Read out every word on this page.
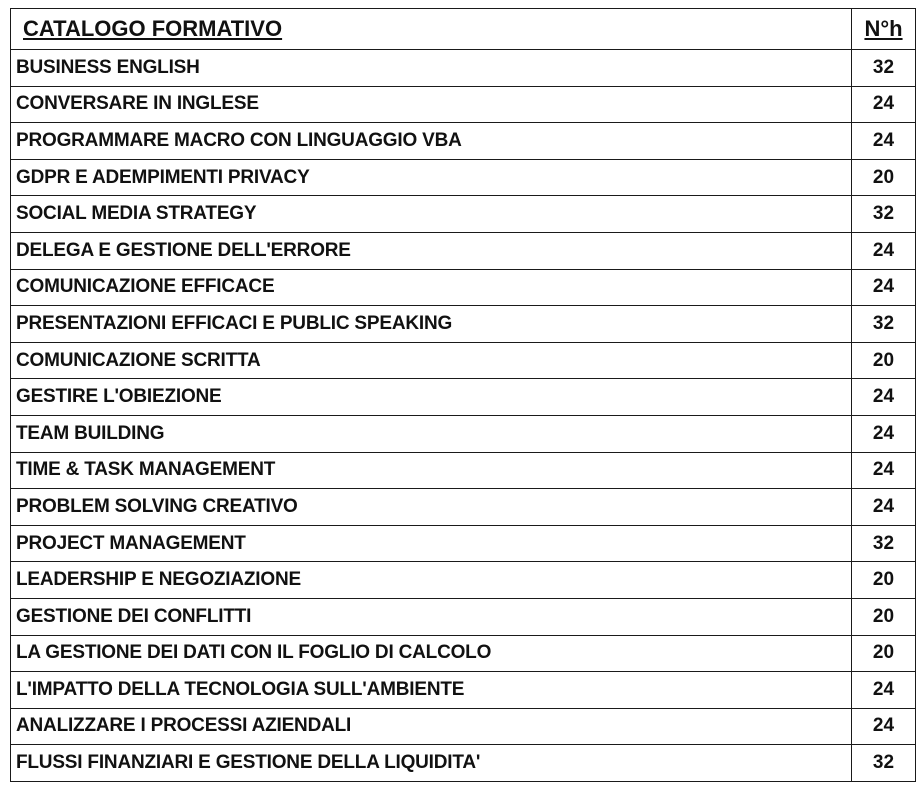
CATALOGO FORMATIVO	N°h
BUSINESS ENGLISH	32
CONVERSARE IN INGLESE	24
PROGRAMMARE MACRO CON LINGUAGGIO VBA	24
GDPR E ADEMPIMENTI PRIVACY	20
SOCIAL MEDIA STRATEGY	32
DELEGA E GESTIONE DELL'ERRORE	24
COMUNICAZIONE EFFICACE	24
PRESENTAZIONI EFFICACI E PUBLIC SPEAKING	32
COMUNICAZIONE SCRITTA	20
GESTIRE L'OBIEZIONE	24
TEAM BUILDING	24
TIME & TASK MANAGEMENT	24
PROBLEM SOLVING CREATIVO	24
PROJECT MANAGEMENT	32
LEADERSHIP E NEGOZIAZIONE	20
GESTIONE DEI CONFLITTI	20
LA GESTIONE DEI DATI CON IL FOGLIO DI CALCOLO	20
L'IMPATTO DELLA TECNOLOGIA SULL'AMBIENTE	24
ANALIZZARE I PROCESSI AZIENDALI	24
FLUSSI FINANZIARI E GESTIONE DELLA LIQUIDITA'	32
